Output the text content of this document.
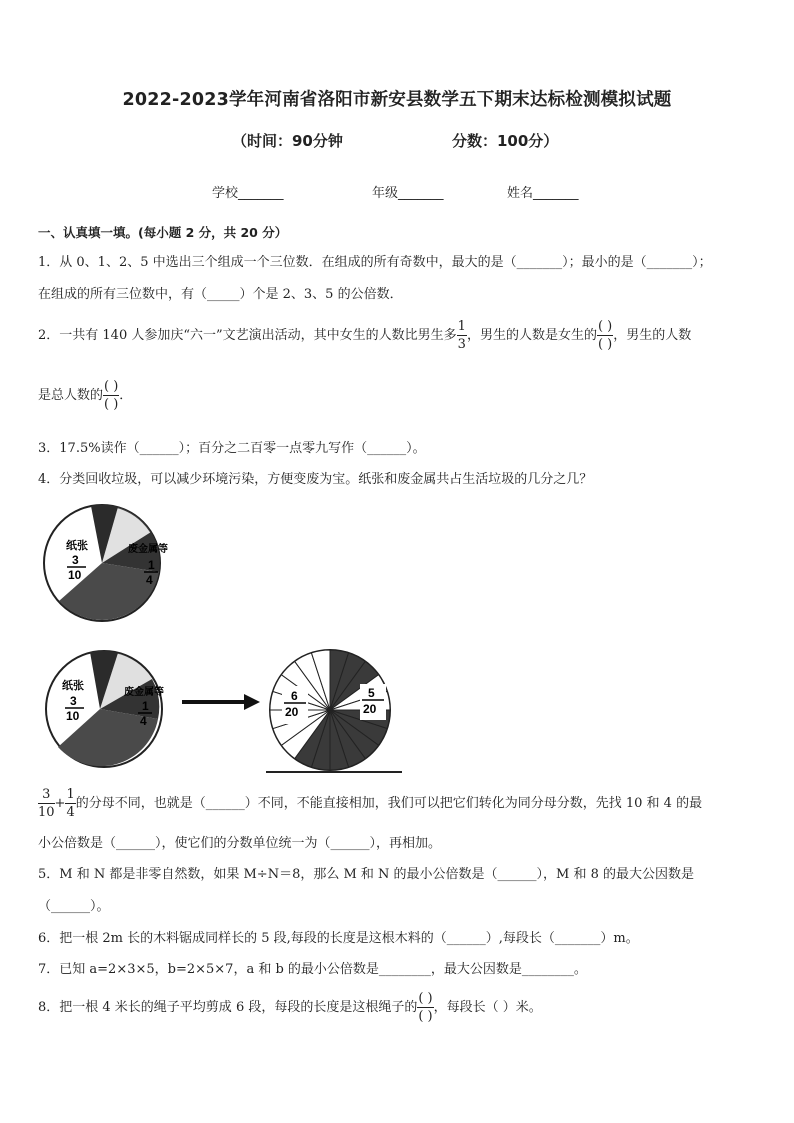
2022-2023学年河南省洛阳市新安县数学五下期末达标检测模拟试题
（时间：90分钟	分数：100分）
学校_______	年级_______	姓名_______
一、认真填一填。(每小题 2 分，共 20 分）
1．从 0、1、2、5 中选出三个组成一个三位数．在组成的所有奇数中，最大的是（_______）；最小的是（_______）；
在组成的所有三位数中，有（_____）个是 2、3、5 的公倍数．
2．一共有 140 人参加庆“六一”文艺演出活动，其中女生的人数比男生多 $\frac{1}{3}$ ，男生的人数是女生的 $\frac{( )}{( )}$ ，男生的人数
是总人数的 $\frac{( )}{( )}$ ．
3．17.5%读作（______）；百分之二百零一点零九写作（______）。
4．分类回收垃圾，可以减少环境污染，方便变废为宝。纸张和废金属共占生活垃圾的几分之几？
纸张
3
10
废金属等
1
4
纸张
3
10
废金属等
1
4
6
20
5
20
$\frac{3}{10} + \frac{1}{4}$ 的分母不同，也就是（______）不同，不能直接相加，我们可以把它们转化为同分母分数，先找 10 和 4 的最
小公倍数是（______），使它们的分数单位统一为（______），再相加。
5．M 和 N 都是非零自然数，如果 M÷N＝8，那么 M 和 N 的最小公倍数是（______），M 和 8 的最大公因数是
（______）。
6．把一根 2m 长的木料锯成同样长的 5 段,每段的长度是这根木料的（______）,每段长（_______）m。
7．已知 a=2×3×5，b=2×5×7，a 和 b 的最小公倍数是________，最大公因数是________。
8．把一根 4 米长的绳子平均剪成 6 段，每段的长度是这根绳子的 $\frac{( )}{( )}$ ，每段长（ ）米。
